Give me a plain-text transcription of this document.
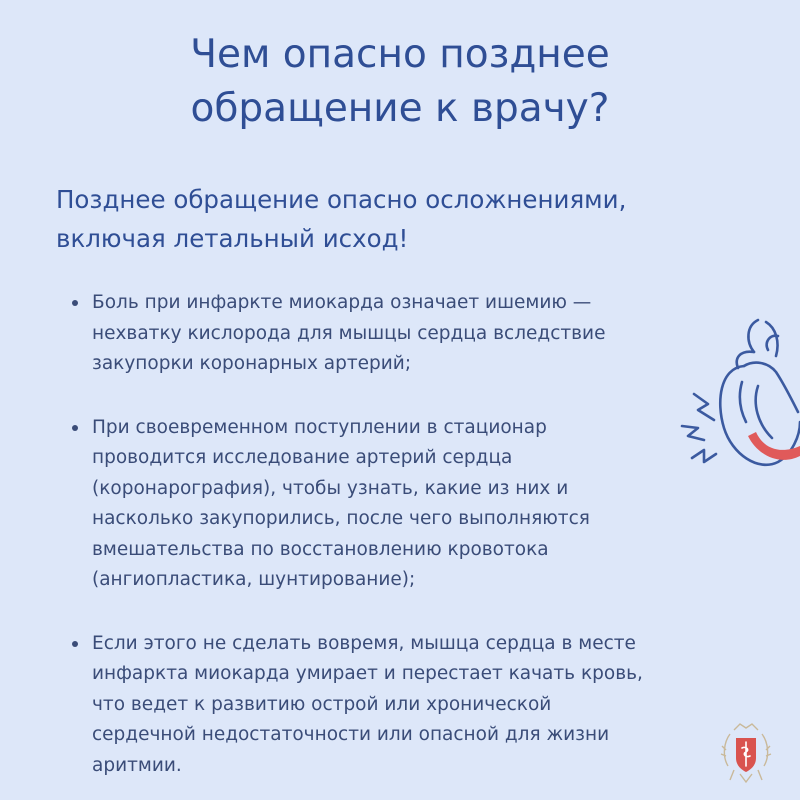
Чем опасно позднее
обращение к врачу?

Позднее обращение опасно осложнениями,
включая летальный исход!

Боль при инфаркте миокарда означает ишемию —
нехватку кислорода для мышцы сердца вследствие
закупорки коронарных артерий;
При своевременном поступлении в стационар
проводится исследование артерий сердца
(коронарография), чтобы узнать, какие из них и
насколько закупорились, после чего выполняются
вмешательства по восстановлению кровотока
(ангиопластика, шунтирование);
Если этого не сделать вовремя, мышца сердца в месте
инфаркта миокарда умирает и перестает качать кровь,
что ведет к развитию острой или хронической
сердечной недостаточности или опасной для жизни
аритмии.
